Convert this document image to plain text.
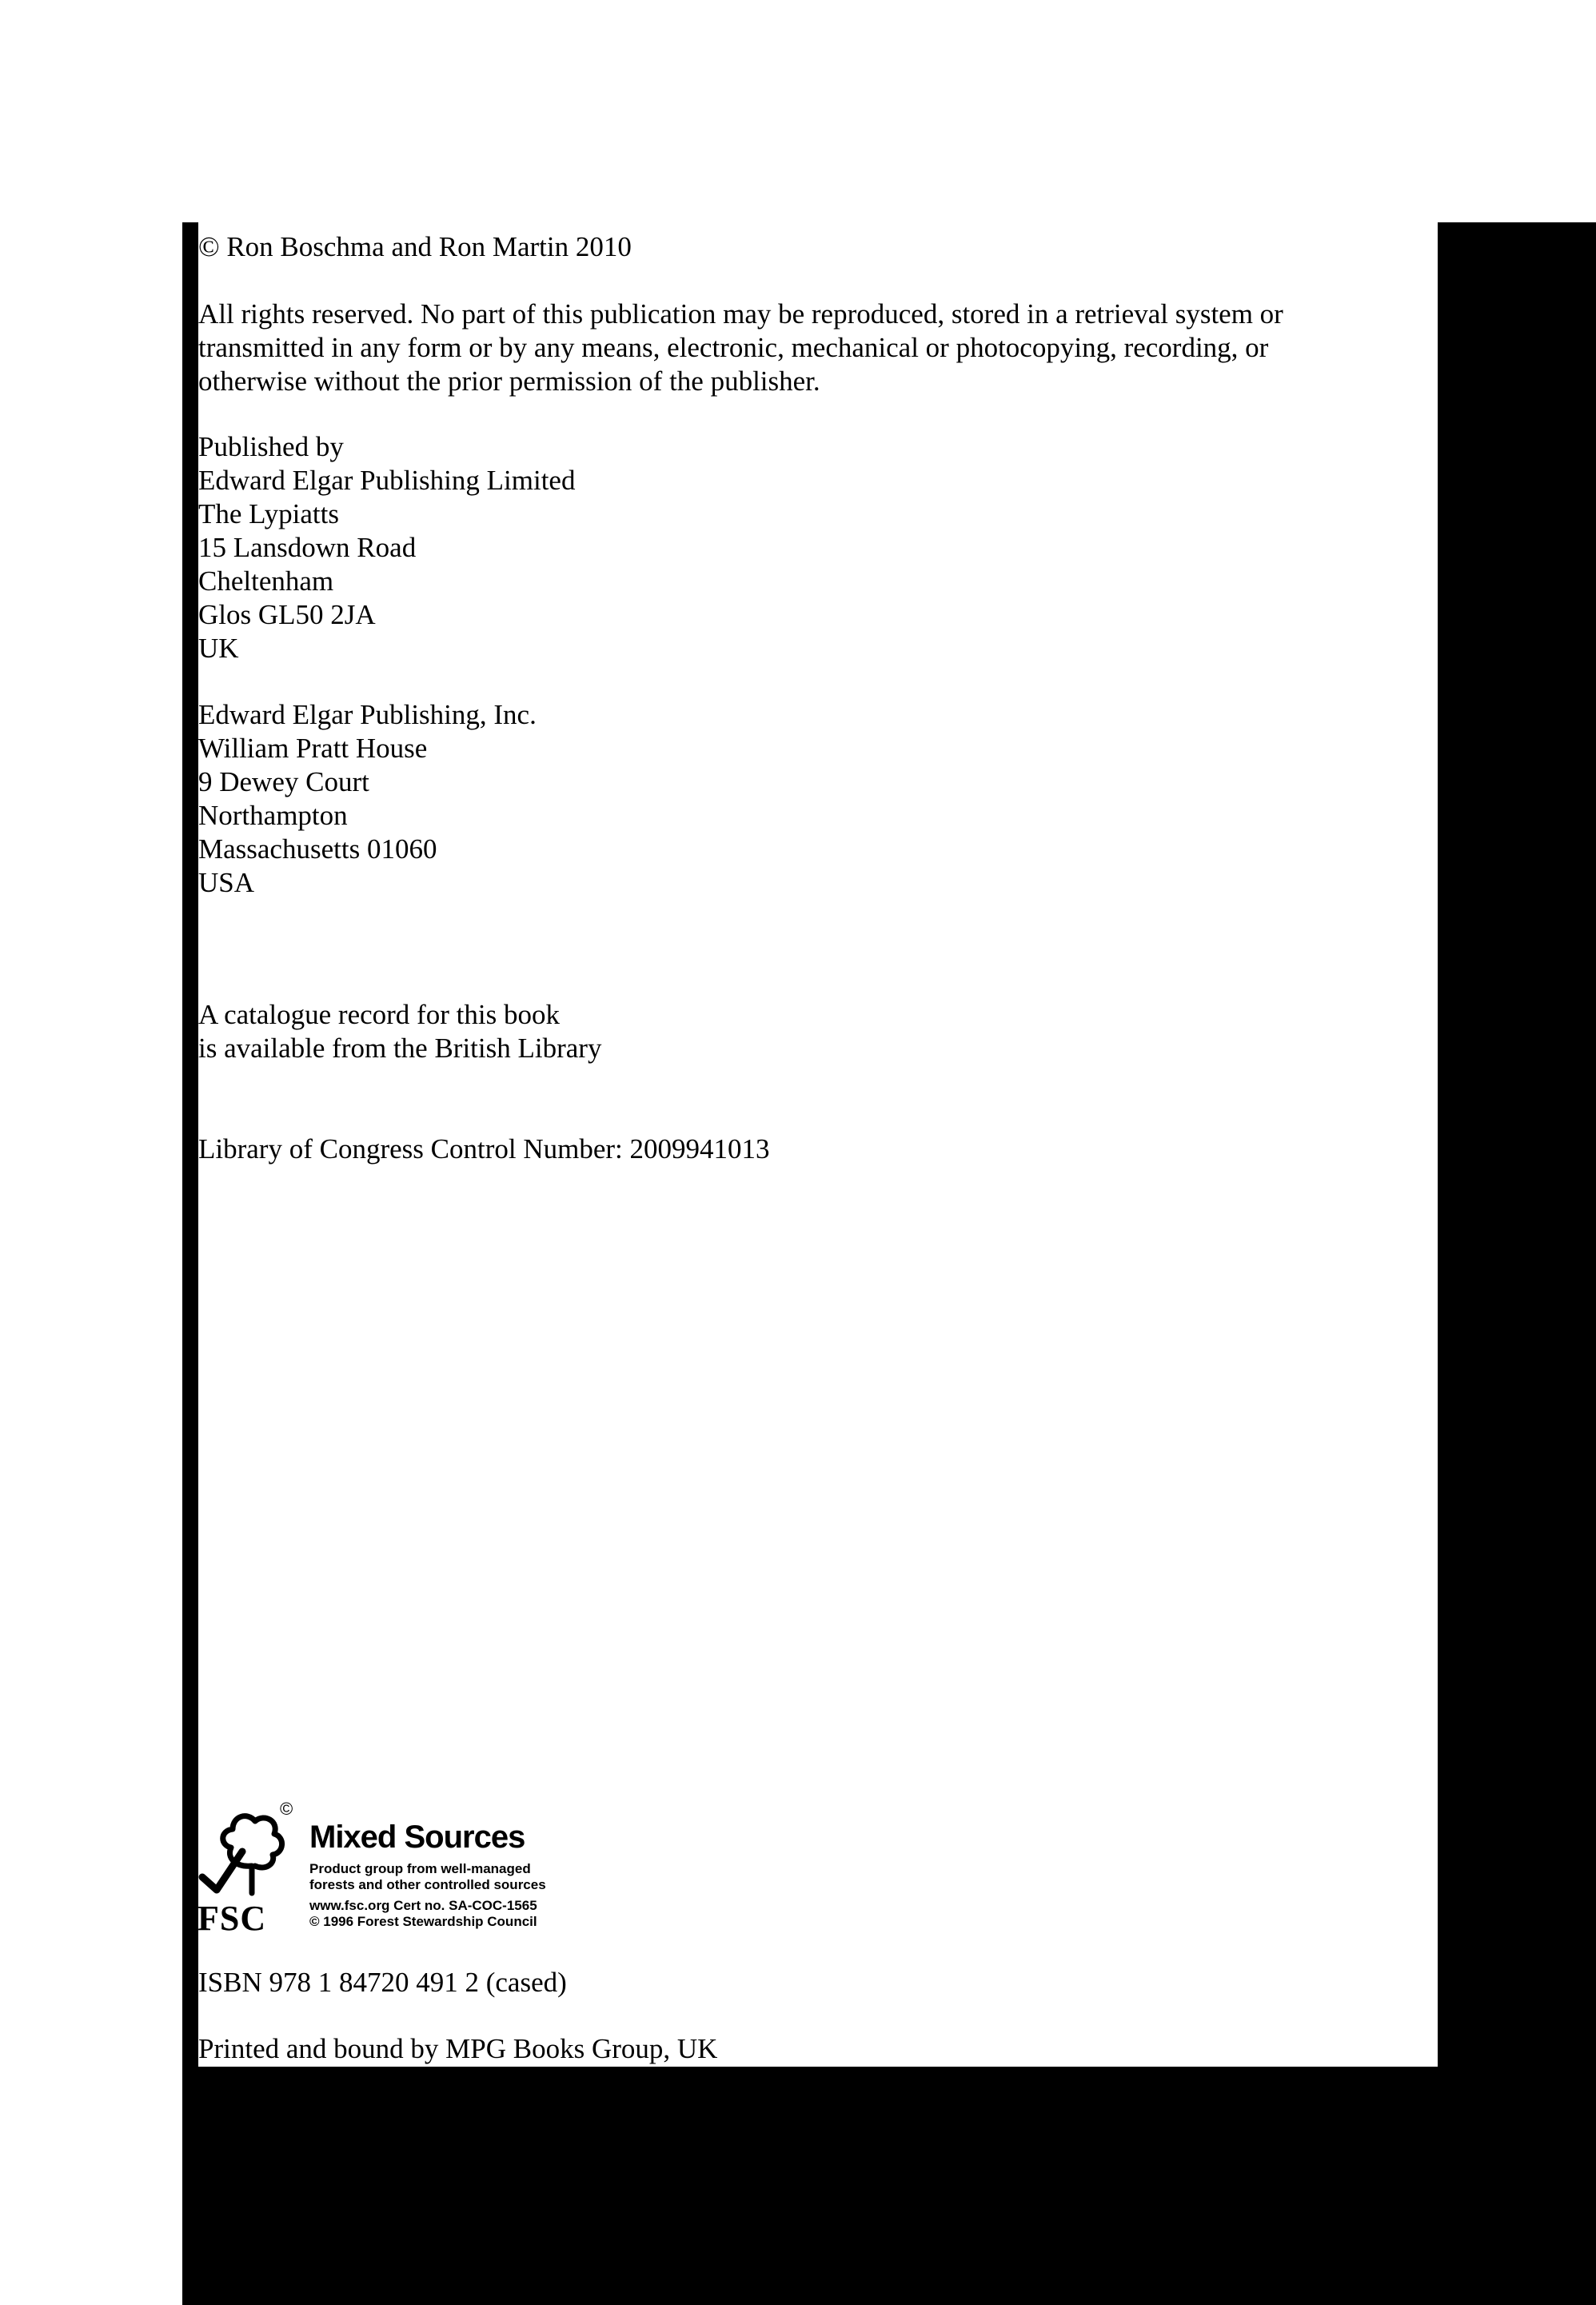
© Ron Boschma and Ron Martin 2010
All rights reserved. No part of this publication may be reproduced, stored in a retrieval system or
transmitted in any form or by any means, electronic, mechanical or photocopying, recording, or
otherwise without the prior permission of the publisher.
Published by
Edward Elgar Publishing Limited
The Lypiatts
15 Lansdown Road
Cheltenham
Glos GL50 2JA
UK
Edward Elgar Publishing, Inc.
William Pratt House
9 Dewey Court
Northampton
Massachusetts 01060
USA
A catalogue record for this book
is available from the British Library
Library of Congress Control Number: 2009941013
ISBN 978 1 84720 491 2 (cased)
Printed and bound by MPG Books Group, UK
©
FSC
Mixed Sources
Product group from well-managed
forests and other controlled sources
www.fsc.org Cert no. SA-COC-1565
© 1996 Forest Stewardship Council
